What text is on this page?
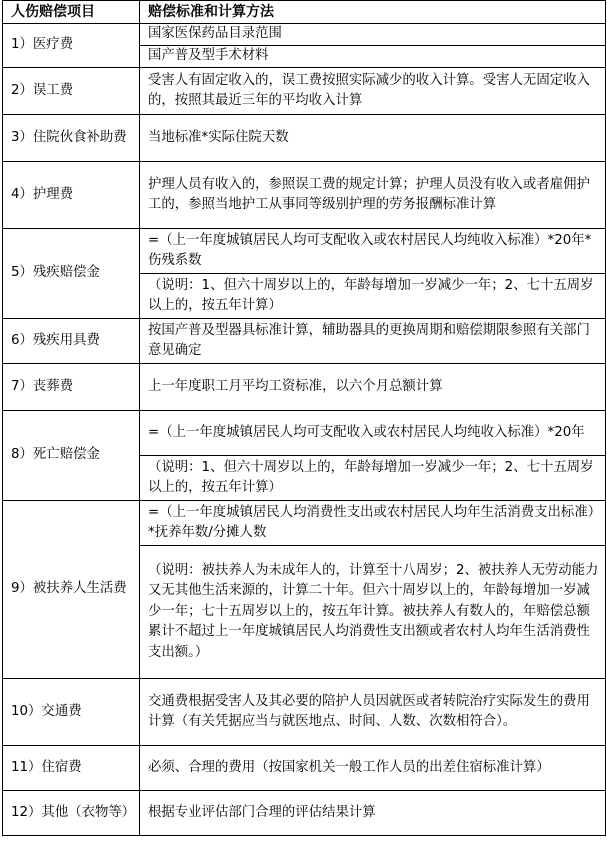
人伤赔偿项目	赔偿标准和计算方法
1）医疗费	国家医保药品目录范围
	国产普及型手术材料
2）误工费	受害人有固定收入的，误工费按照实际减少的收入计算。受害人无固定收入的，按照其最近三年的平均收入计算
3）住院伙食补助费	当地标准*实际住院天数
4）护理费	护理人员有收入的，参照误工费的规定计算；护理人员没有收入或者雇佣护工的，参照当地护工从事同等级别护理的劳务报酬标准计算
5）残疾赔偿金	=（上一年度城镇居民人均可支配收入或农村居民人均纯收入标准）*20年*伤残系数
	（说明：1、但六十周岁以上的，年龄每增加一岁减少一年；2、七十五周岁以上的，按五年计算）
6）残疾用具费	按国产普及型器具标准计算，辅助器具的更换周期和赔偿期限参照有关部门意见确定
7）丧葬费	上一年度职工月平均工资标准，以六个月总额计算
8）死亡赔偿金	=（上一年度城镇居民人均可支配收入或农村居民人均纯收入标准）*20年
	（说明：1、但六十周岁以上的，年龄每增加一岁减少一年；2、七十五周岁以上的，按五年计算）
9）被扶养人生活费	=（上一年度城镇居民人均消费性支出或农村居民人均年生活消费支出标准）*抚养年数/分摊人数
	（说明：被扶养人为未成年人的，计算至十八周岁；2、被扶养人无劳动能力又无其他生活来源的，计算二十年。但六十周岁以上的，年龄每增加一岁减少一年；七十五周岁以上的，按五年计算。被扶养人有数人的，年赔偿总额累计不超过上一年度城镇居民人均消费性支出额或者农村人均年生活消费性支出额。）
10）交通费	交通费根据受害人及其必要的陪护人员因就医或者转院治疗实际发生的费用计算（有关凭据应当与就医地点、时间、人数、次数相符合）。
11）住宿费	必须、合理的费用（按国家机关一般工作人员的出差住宿标准计算）
12）其他（衣物等）	根据专业评估部门合理的评估结果计算
